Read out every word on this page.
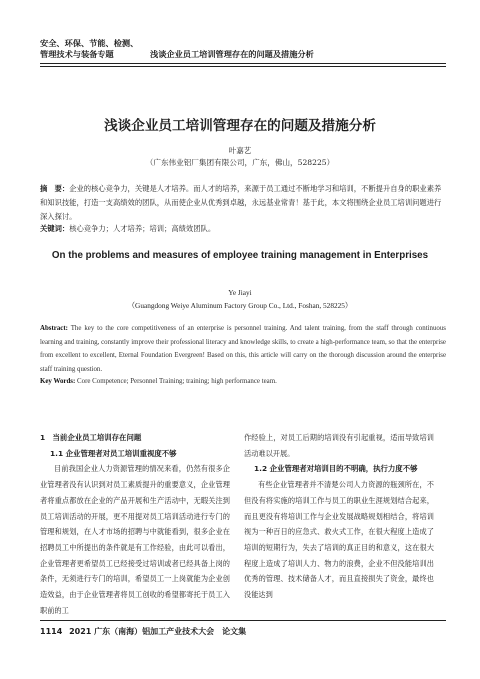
安全、环保、节能、检测、
管理技术与装备专题	浅谈企业员工培训管理存在的问题及措施分析
浅谈企业员工培训管理存在的问题及措施分析
叶嘉艺
（广东伟业铝厂集团有限公司，广东，佛山，528225）
摘　要：企业的核心竞争力，关键是人才培养。而人才的培养，来源于员工通过不断地学习和培训，不断提升自身的职业素养和知识技能，打造一支高绩效的团队，从而使企业从优秀到卓越，永远基业常青！基于此，本文将围绕企业员工培训问题进行深入探讨。
关键词：核心竞争力；人才培养；培训；高绩效团队。
On the problems and measures of employee training management in Enterprises
Ye Jiayi
（Guangdong Weiye Aluminum Factory Group Co., Ltd., Foshan, 528225）
Abstract: The key to the core competitiveness of an enterprise is personnel training. And talent training, from the staff through continuous learning and training, constantly improve their professional literacy and knowledge skills, to create a high-performance team, so that the enterprise from excellent to excellent, Eternal Foundation Evergreen! Based on this, this article will carry on the thorough discussion around the enterprise staff training question.
Key Words: Core Competence; Personnel Training; training; high performance team.
1　当前企业员工培训存在问题
1.1 企业管理者对员工培训重视度不够
目前我国企业人力资源管理的情况来看，仍然有很多企业管理者没有认识到对员工素质提升的重要意义，企业管理者将重点都放在企业的产品开展和生产活动中，无暇关注到员工培训活动的开展，更不用提对员工培训活动进行专门的管理和规划，在人才市场的招聘与中就能看到，很多企业在招聘员工中所提出的条件就是有工作经验，由此可以看出，企业管理者更希望员工已经接受过培训或者已经具备上岗的条件，无须进行专门的培训，希望员工一上岗就能为企业创造效益，由于企业管理者将员工创收的希望都寄托于员工入职前的工
作经验上，对员工后期的培训没有引起重视，适而导致培训活动难以开展。
1.2 企业管理者对培训目的不明确，执行力度不够
有些企业管理者并不清楚公司人力资源的瓶颈所在，不但没有将实施的培训工作与员工的职业生涯规划结合起来，而且更没有将培训工作与企业发展战略规划相结合，将培训视为一种百日的应急式、救火式工作，在很大程度上造成了培训的短期行为，失去了培训的真正目的和意义，这在很大程度上造成了培训人力、物力的浪费，企业不但没能培训出优秀的管理、技术储备人才，而且直接损失了资金，最终也没能达到
1114 2021 广东（南海）铝加工产业技术大会　论文集
